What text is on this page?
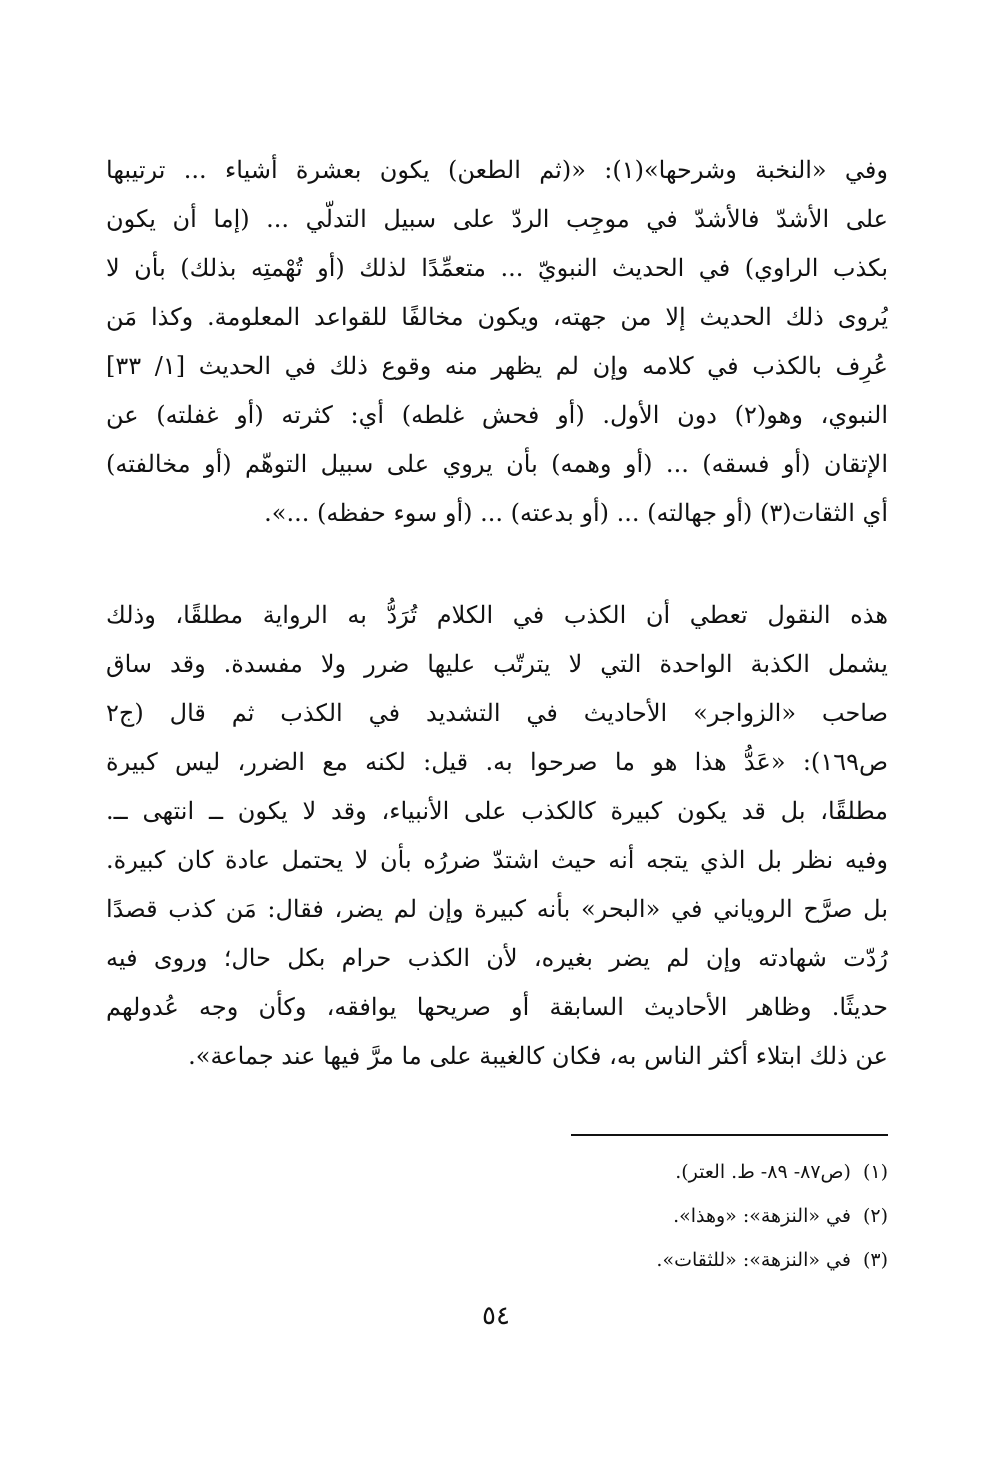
وفي «النخبة وشرحها»(١): «(ثم الطعن) يكون بعشرة أشياء ... ترتيبها
على الأشدّ فالأشدّ في موجِب الردّ على سبيل التدلّي ... (إما أن يكون
بكذب الراوي) في الحديث النبويّ ... متعمِّدًا لذلك (أو تُهْمتِه بذلك) بأن لا
يُروى ذلك الحديث إلا من جهته، ويكون مخالفًا للقواعد المعلومة. وكذا مَن
عُرِف بالكذب في كلامه وإن لم يظهر منه وقوع ذلك في الحديث [١/ ٣٣]
النبوي، وهو(٢) دون الأول. (أو فحش غلطه) أي: كثرته (أو غفلته) عن
الإتقان (أو فسقه) ... (أو وهمه) بأن يروي على سبيل التوهّم (أو مخالفته)
أي الثقات(٣) (أو جهالته) ... (أو بدعته) ... (أو سوء حفظه) ...».
هذه النقول تعطي أن الكذب في الكلام تُرَدُّ به الرواية مطلقًا، وذلك
يشمل الكذبة الواحدة التي لا يترتّب عليها ضرر ولا مفسدة. وقد ساق
صاحب «الزواجر» الأحاديث في التشديد في الكذب ثم قال (ج٢
ص١٦٩): «عَدُّ هذا هو ما صرحوا به. قيل: لكنه مع الضرر، ليس كبيرة
مطلقًا، بل قد يكون كبيرة كالكذب على الأنبياء، وقد لا يكون ــ انتهى ــ.
وفيه نظر بل الذي يتجه أنه حيث اشتدّ ضررُه بأن لا يحتمل عادة كان كبيرة.
بل صرَّح الروياني في «البحر» بأنه كبيرة وإن لم يضر، فقال: مَن كذب قصدًا
رُدّت شهادته وإن لم يضر بغيره، لأن الكذب حرام بكل حال؛ وروى فيه
حديثًا. وظاهر الأحاديث السابقة أو صريحها يوافقه، وكأن وجه عُدولهم
عن ذلك ابتلاء أكثر الناس به، فكان كالغيبة على ما مرَّ فيها عند جماعة».
(١)(ص٨٧- ٨٩- ط. العتر).
(٢)في «النزهة»: «وهذا».
(٣)في «النزهة»: «للثقات».
٥٤
